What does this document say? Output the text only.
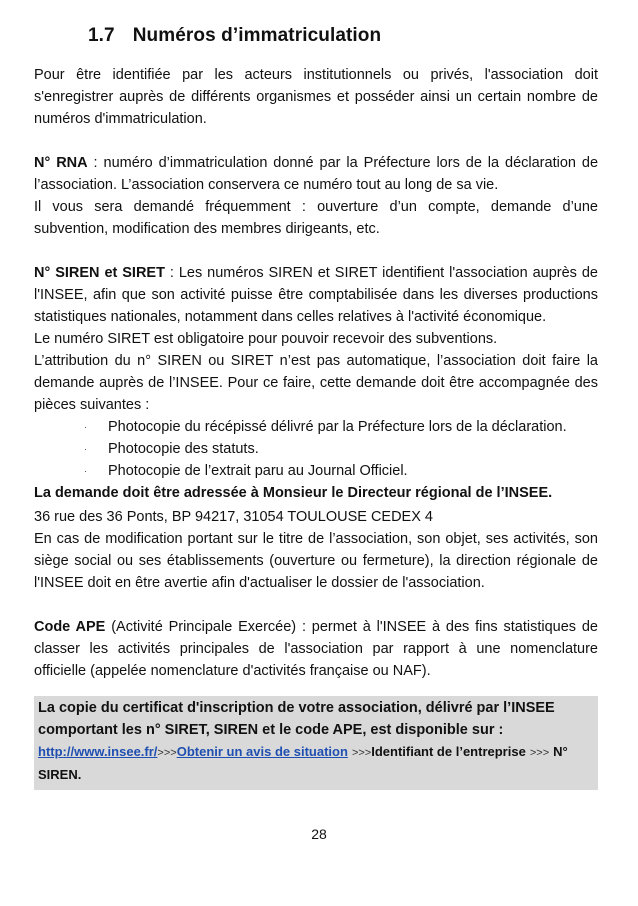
1.7 Numéros d’immatriculation

Pour être identifiée par les acteurs institutionnels ou privés, l'association doit s'enregistrer auprès de différents organismes et posséder ainsi un certain nombre de numéros d'immatriculation.

N° RNA : numéro d’immatriculation donné par la Préfecture lors de la déclaration de l’association. L’association conservera ce numéro tout au long de sa vie.

Il vous sera demandé fréquemment : ouverture d’un compte, demande d’une subvention, modification des membres dirigeants, etc.

N° SIREN et SIRET : Les numéros SIREN et SIRET identifient l'association auprès de l'INSEE, afin que son activité puisse être comptabilisée dans les diverses productions statistiques nationales, notamment dans celles relatives à l'activité économique.

Le numéro SIRET est obligatoire pour pouvoir recevoir des subventions.

L’attribution du n° SIREN ou SIRET n’est pas automatique, l’association doit faire la demande auprès de l’INSEE. Pour ce faire, cette demande doit être accompagnée des pièces suivantes :

·	Photocopie du récépissé délivré par la Préfecture lors de la déclaration.
·	Photocopie des statuts.
·	Photocopie de l’extrait paru au Journal Officiel.

La demande doit être adressée à Monsieur le Directeur régional de l’INSEE.

36 rue des 36 Ponts, BP 94217, 31054 TOULOUSE CEDEX 4

En cas de modification portant sur le titre de l’association, son objet, ses activités, son siège social ou ses établissements (ouverture ou fermeture), la direction régionale de l'INSEE doit en être avertie afin d'actualiser le dossier de l'association.

Code APE (Activité Principale Exercée) : permet à l'INSEE à des fins statistiques de classer les activités principales de l'association par rapport à une nomenclature officielle (appelée nomenclature d'activités française ou NAF).

La copie du certificat d'inscription de votre association, délivré par l’INSEE comportant les n° SIRET, SIREN et le code APE, est disponible sur :

http://www.insee.fr/>>>Obtenir un avis de situation >>>Identifiant de l’entreprise >>> N° SIREN.

28
